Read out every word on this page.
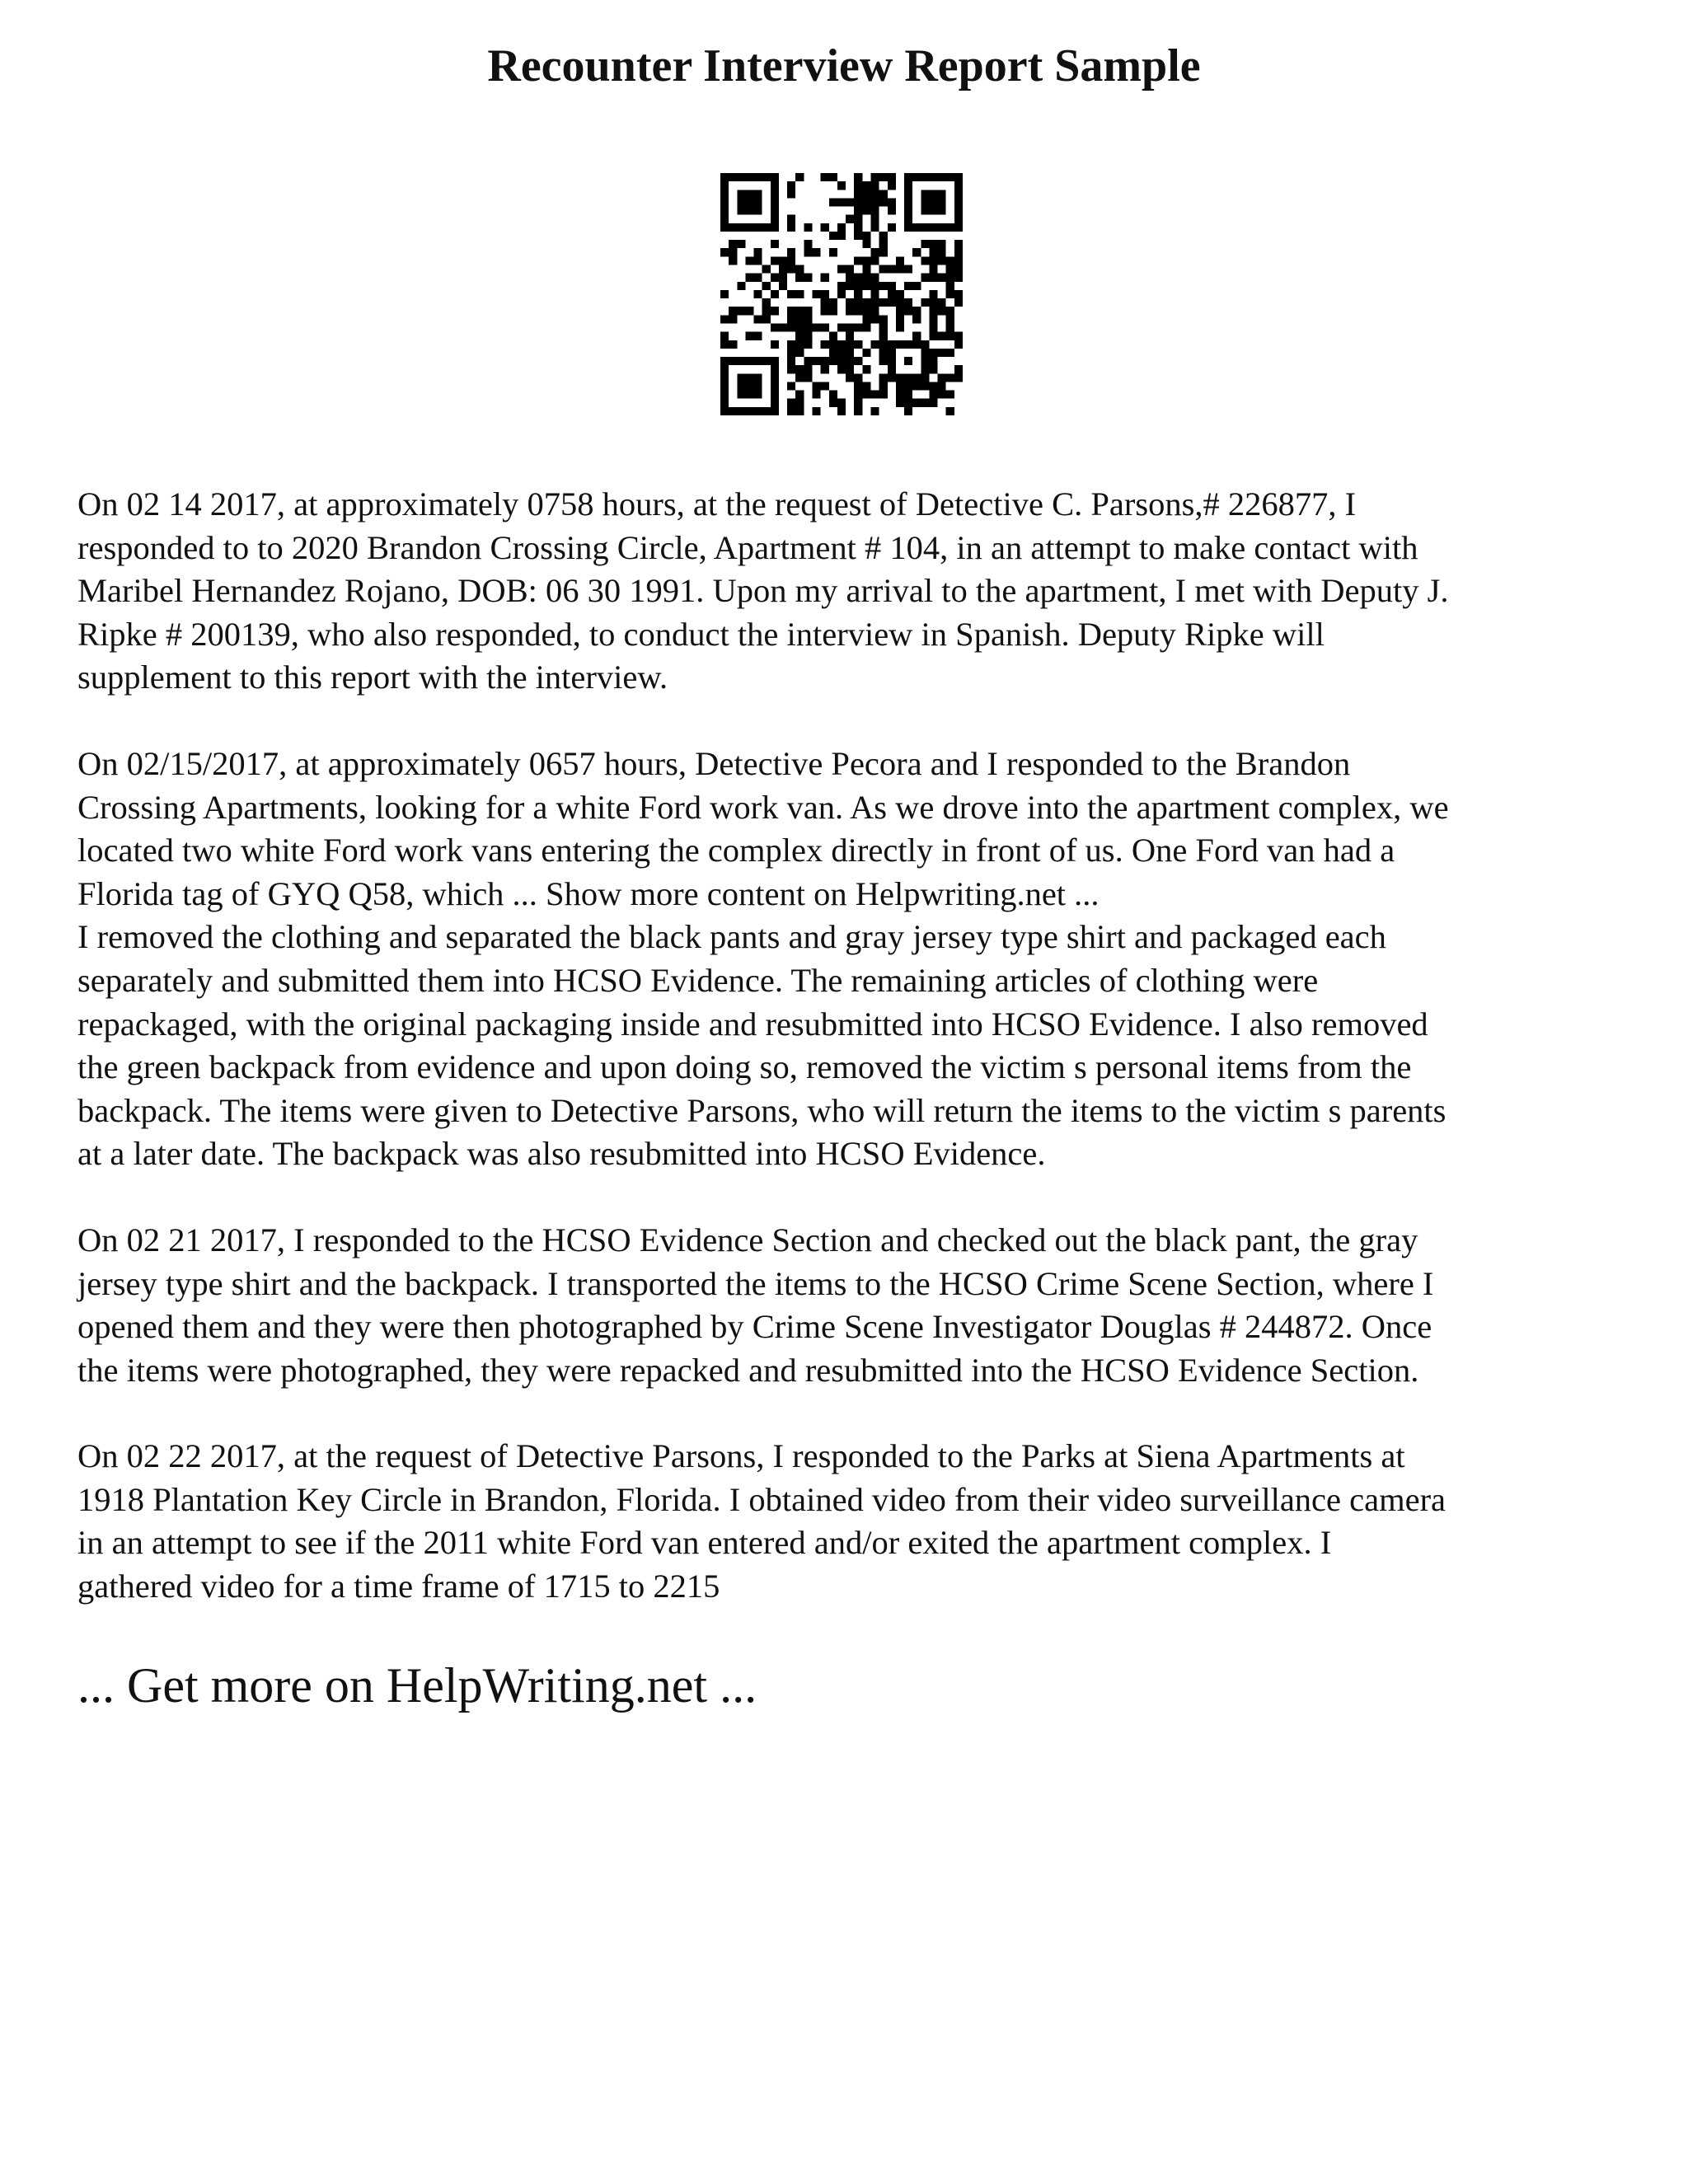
Recounter Interview Report Sample

On 02 14 2017, at approximately 0758 hours, at the request of Detective C. Parsons,# 226877, I
responded to to 2020 Brandon Crossing Circle, Apartment # 104, in an attempt to make contact with
Maribel Hernandez Rojano, DOB: 06 30 1991. Upon my arrival to the apartment, I met with Deputy J.
Ripke # 200139, who also responded, to conduct the interview in Spanish. Deputy Ripke will
supplement to this report with the interview.

On 02/15/2017, at approximately 0657 hours, Detective Pecora and I responded to the Brandon
Crossing Apartments, looking for a white Ford work van. As we drove into the apartment complex, we
located two white Ford work vans entering the complex directly in front of us. One Ford van had a
Florida tag of GYQ Q58, which ... Show more content on Helpwriting.net ...

I removed the clothing and separated the black pants and gray jersey type shirt and packaged each
separately and submitted them into HCSO Evidence. The remaining articles of clothing were
repackaged, with the original packaging inside and resubmitted into HCSO Evidence. I also removed
the green backpack from evidence and upon doing so, removed the victim s personal items from the
backpack. The items were given to Detective Parsons, who will return the items to the victim s parents
at a later date. The backpack was also resubmitted into HCSO Evidence.

On 02 21 2017, I responded to the HCSO Evidence Section and checked out the black pant, the gray
jersey type shirt and the backpack. I transported the items to the HCSO Crime Scene Section, where I
opened them and they were then photographed by Crime Scene Investigator Douglas # 244872. Once
the items were photographed, they were repacked and resubmitted into the HCSO Evidence Section.

On 02 22 2017, at the request of Detective Parsons, I responded to the Parks at Siena Apartments at
1918 Plantation Key Circle in Brandon, Florida. I obtained video from their video surveillance camera
in an attempt to see if the 2011 white Ford van entered and/or exited the apartment complex. I
gathered video for a time frame of 1715 to 2215

... Get more on HelpWriting.net ...
